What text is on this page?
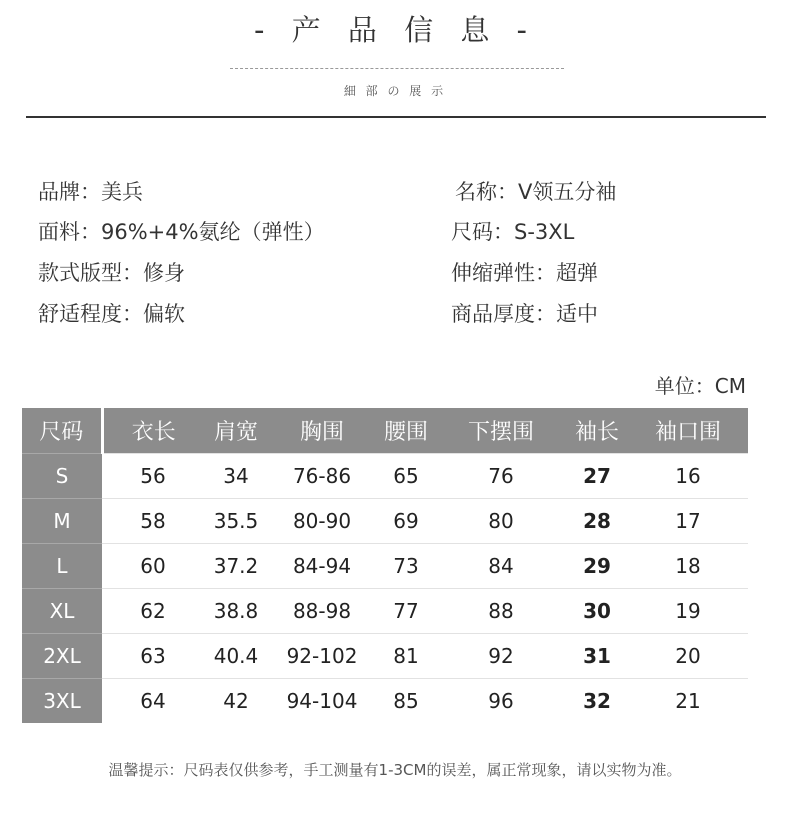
- 产 品 信 息 -
細 部 の 展 示
品牌：美兵	名称：V领五分袖
面料：96%+4%氨纶（弹性）	尺码：S-3XL
款式版型：修身	伸缩弹性：超弹
舒适程度：偏软	商品厚度：适中
单位：CM
尺码	衣长	肩宽	胸围	腰围	下摆围	袖长	袖口围
S	56	34	76-86	65	76	27	16
M	58	35.5	80-90	69	80	28	17
L	60	37.2	84-94	73	84	29	18
XL	62	38.8	88-98	77	88	30	19
2XL	63	40.4	92-102	81	92	31	20
3XL	64	42	94-104	85	96	32	21
温馨提示：尺码表仅供参考，手工测量有1-3CM的误差，属正常现象，请以实物为准。
